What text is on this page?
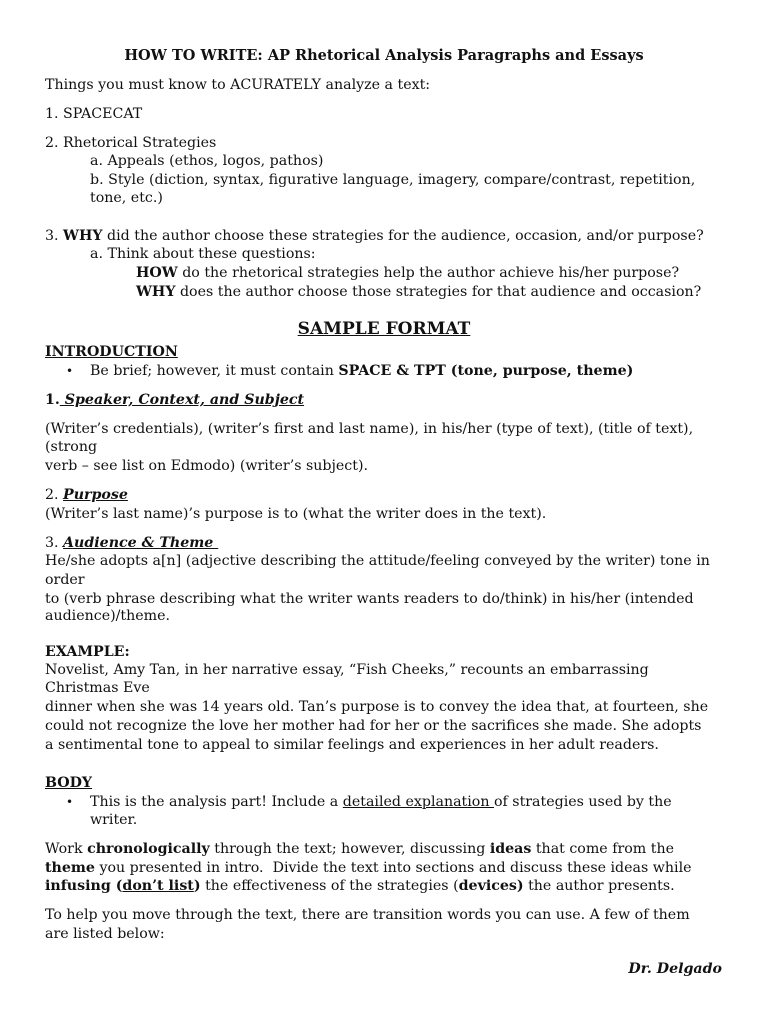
HOW TO WRITE: AP Rhetorical Analysis Paragraphs and Essays
Things you must know to ACURATELY analyze a text:
1. SPACECAT
2. Rhetorical Strategies
a. Appeals (ethos, logos, pathos)
b. Style (diction, syntax, figurative language, imagery, compare/contrast, repetition,
tone, etc.)
3. WHY did the author choose these strategies for the audience, occasion, and/or purpose?
a. Think about these questions:
HOW do the rhetorical strategies help the author achieve his/her purpose?
WHY does the author choose those strategies for that audience and occasion?
SAMPLE FORMAT
INTRODUCTION
• Be brief; however, it must contain SPACE & TPT (tone, purpose, theme)
1. Speaker, Context, and Subject
(Writer’s credentials), (writer’s first and last name), in his/her (type of text), (title of text),
(strong
verb – see list on Edmodo) (writer’s subject).
2. Purpose
(Writer’s last name)’s purpose is to (what the writer does in the text).
3. Audience & Theme
He/she adopts a[n] (adjective describing the attitude/feeling conveyed by the writer) tone in
order
to (verb phrase describing what the writer wants readers to do/think) in his/her (intended
audience)/theme.
EXAMPLE:
Novelist, Amy Tan, in her narrative essay, “Fish Cheeks,” recounts an embarrassing
Christmas Eve
dinner when she was 14 years old. Tan’s purpose is to convey the idea that, at fourteen, she
could not recognize the love her mother had for her or the sacrifices she made. She adopts
a sentimental tone to appeal to similar feelings and experiences in her adult readers.
BODY
• This is the analysis part! Include a detailed explanation of strategies used by the
writer.
Work chronologically through the text; however, discussing ideas that come from the
theme you presented in intro.  Divide the text into sections and discuss these ideas while
infusing (don’t list) the effectiveness of the strategies (devices) the author presents.
To help you move through the text, there are transition words you can use. A few of them
are listed below:
Dr. Delgado
